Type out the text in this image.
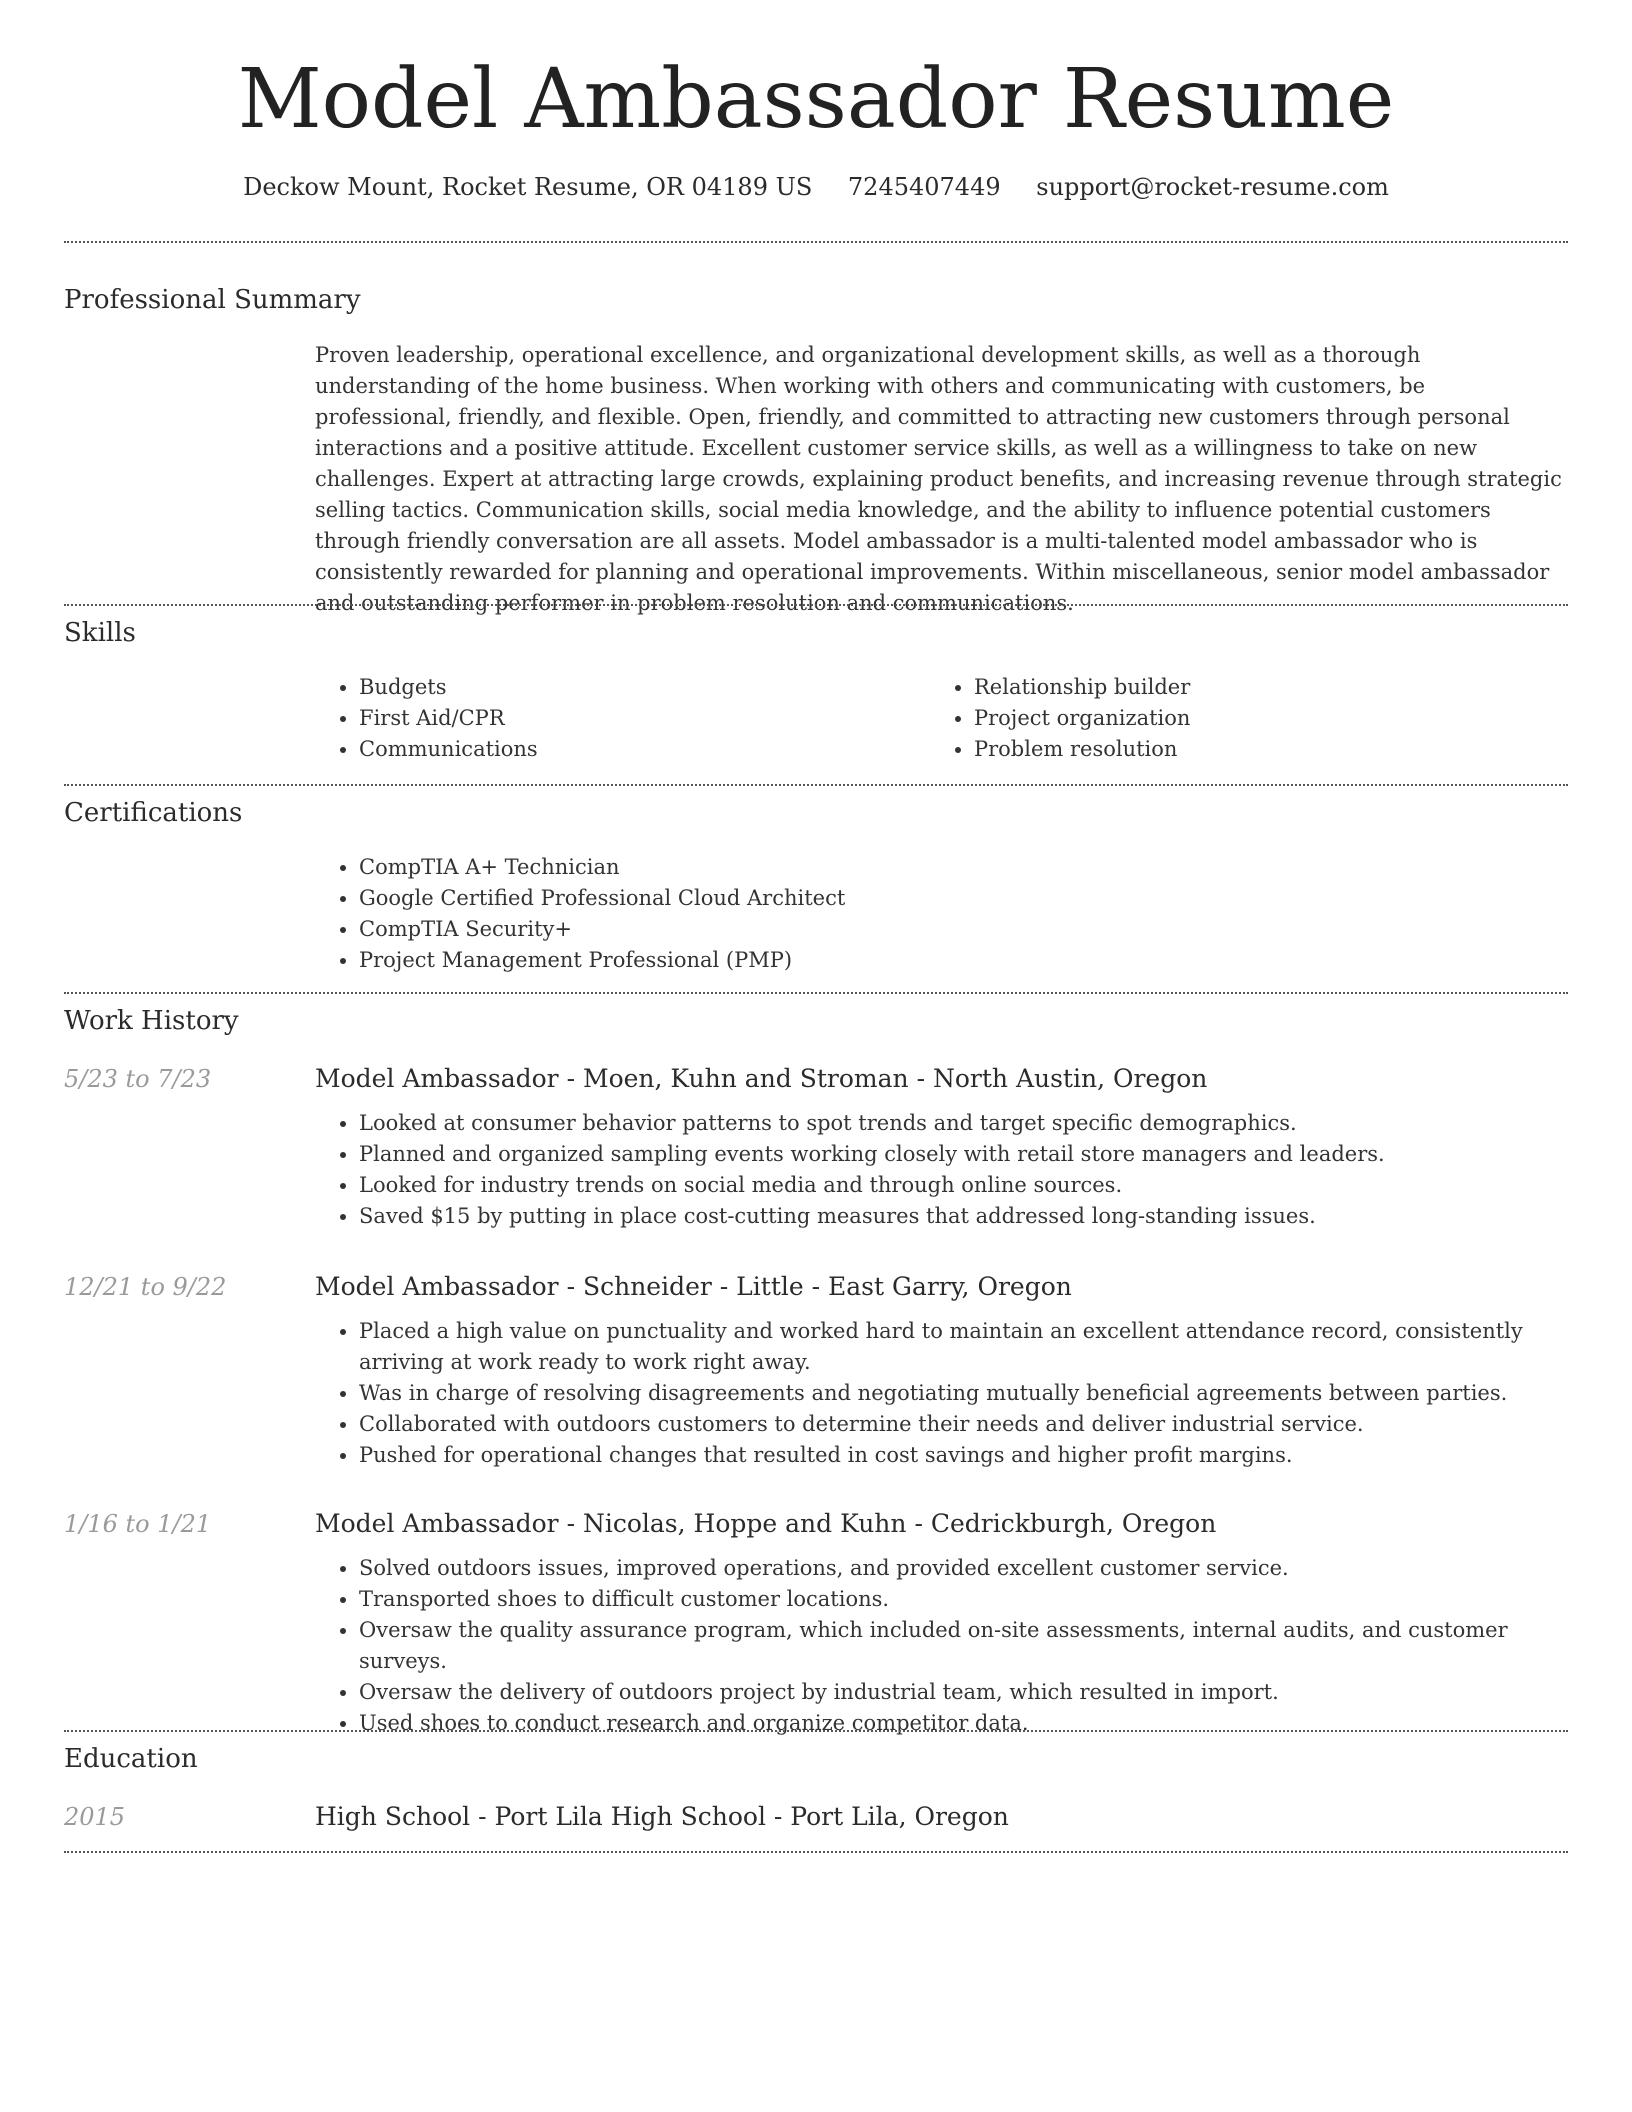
Model Ambassador Resume
Deckow Mount, Rocket Resume, OR 04189 US 7245407449 support@rocket-resume.com
Professional Summary

Proven leadership, operational excellence, and organizational development skills, as well as a thorough understanding of the home business. When working with others and communicating with customers, be professional, friendly, and flexible. Open, friendly, and committed to attracting new customers through personal interactions and a positive attitude. Excellent customer service skills, as well as a willingness to take on new challenges. Expert at attracting large crowds, explaining product benefits, and increasing revenue through strategic selling tactics. Communication skills, social media knowledge, and the ability to influence potential customers through friendly conversation are all assets. Model ambassador is a multi-talented model ambassador who is consistently rewarded for planning and operational improvements. Within miscellaneous, senior model ambassador and outstanding performer in problem resolution and communications.

Skills
• Budgets
• First Aid/CPR
• Communications
• Relationship builder
• Project organization
• Problem resolution
Certifications
• CompTIA A+ Technician
• Google Certified Professional Cloud Architect
• CompTIA Security+
• Project Management Professional (PMP)
Work History
5/23 to 7/23	Model Ambassador - Moen, Kuhn and Stroman - North Austin, Oregon
• Looked at consumer behavior patterns to spot trends and target specific demographics.
• Planned and organized sampling events working closely with retail store managers and leaders.
• Looked for industry trends on social media and through online sources.
• Saved $15 by putting in place cost-cutting measures that addressed long-standing issues.
12/21 to 9/22	Model Ambassador - Schneider - Little - East Garry, Oregon
• Placed a high value on punctuality and worked hard to maintain an excellent attendance record, consistently arriving at work ready to work right away.
• Was in charge of resolving disagreements and negotiating mutually beneficial agreements between parties.
• Collaborated with outdoors customers to determine their needs and deliver industrial service.
• Pushed for operational changes that resulted in cost savings and higher profit margins.
1/16 to 1/21	Model Ambassador - Nicolas, Hoppe and Kuhn - Cedrickburgh, Oregon
• Solved outdoors issues, improved operations, and provided excellent customer service.
• Transported shoes to difficult customer locations.
• Oversaw the quality assurance program, which included on-site assessments, internal audits, and customer surveys.
• Oversaw the delivery of outdoors project by industrial team, which resulted in import.
• Used shoes to conduct research and organize competitor data.
Education
2015	High School - Port Lila High School - Port Lila, Oregon
